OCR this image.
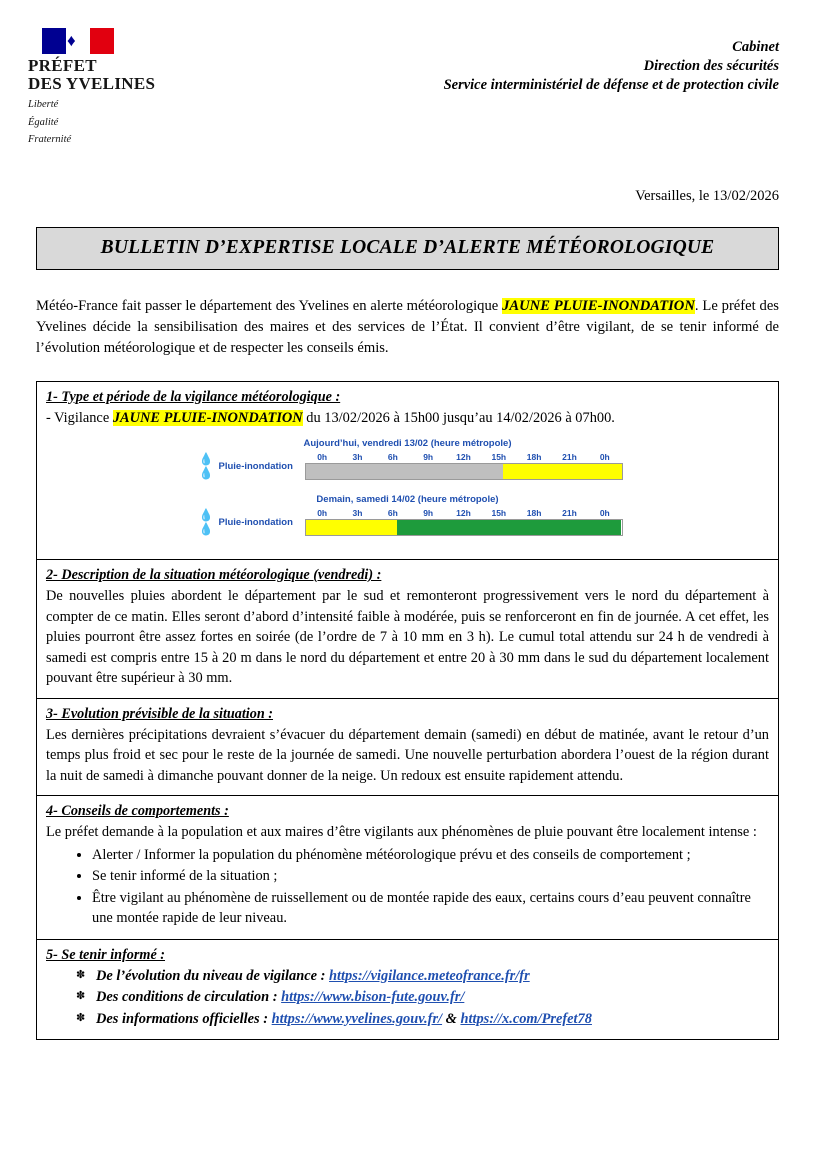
♦
PRÉFET
DES YVELINES
Liberté
Égalité
Fraternité
Cabinet
Direction des sécurités
Service interministériel de défense et de protection civile
Versailles, le 13/02/2026
BULLETIN D’EXPERTISE LOCALE D’ALERTE MÉTÉOROLOGIQUE
Météo-France fait passer le département des Yvelines en alerte météorologique JAUNE PLUIE-INONDATION. Le préfet des Yvelines décide la sensibilisation des maires et des services de l’État. Il convient d’être vigilant, de se tenir informé de l’évolution météorologique et de respecter les conseils émis.
1- Type et période de la vigilance météorologique :
- Vigilance JAUNE PLUIE-INONDATION du 13/02/2026 à 15h00 jusqu’au 14/02/2026 à 07h00.
Aujourd’hui, vendredi 13/02 (heure métropole)
💧💧 Pluie-inondation
0h	3h	6h	9h	12h	15h	18h	21h	0h
Demain, samedi 14/02 (heure métropole)
💧💧 Pluie-inondation
0h	3h	6h	9h	12h	15h	18h	21h	0h
2- Description de la situation météorologique (vendredi) :
De nouvelles pluies abordent le département par le sud et remonteront progressivement vers le nord du département à compter de ce matin. Elles seront d’abord d’intensité faible à modérée, puis se renforceront en fin de journée. A cet effet, les pluies pourront être assez fortes en soirée (de l’ordre de 7 à 10 mm en 3 h). Le cumul total attendu sur 24 h de vendredi à samedi est compris entre 15 à 20 m dans le nord du département et entre 20 à 30 mm dans le sud du département localement pouvant être supérieur à 30 mm.
3- Evolution prévisible de la situation :
Les dernières précipitations devraient s’évacuer du département demain (samedi) en début de matinée, avant le retour d’un temps plus froid et sec pour le reste de la journée de samedi. Une nouvelle perturbation abordera l’ouest de la région durant la nuit de samedi à dimanche pouvant donner de la neige. Un redoux est ensuite rapidement attendu.
4- Conseils de comportements :
Le préfet demande à la population et aux maires d’être vigilants aux phénomènes de pluie pouvant être localement intense :
• Alerter / Informer la population du phénomène météorologique prévu et des conseils de comportement ;
• Se tenir informé de la situation ;
• Être vigilant au phénomène de ruissellement ou de montée rapide des eaux, certains cours d’eau peuvent connaître une montée rapide de leur niveau.
5- Se tenir informé :
✽ De l’évolution du niveau de vigilance : https://vigilance.meteofrance.fr/fr
✽ Des conditions de circulation : https://www.bison-fute.gouv.fr/
✽ Des informations officielles : https://www.yvelines.gouv.fr/ & https://x.com/Prefet78
